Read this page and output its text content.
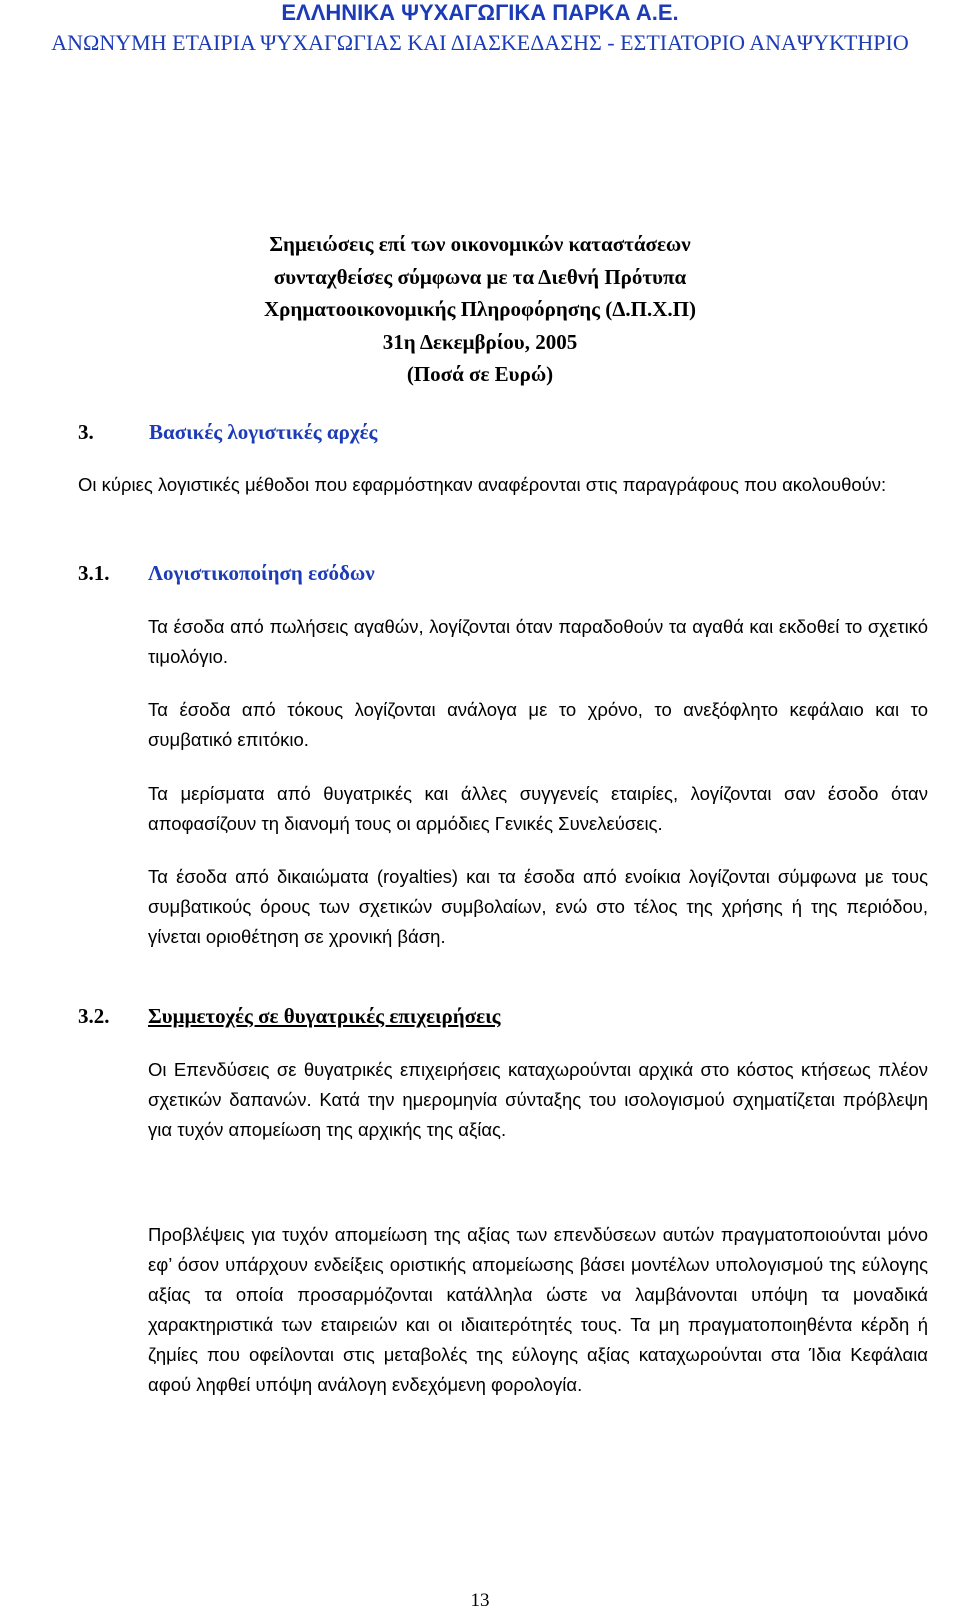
ΕΛΛΗΝΙΚΑ ΨΥΧΑΓΩΓΙΚΑ ΠΑΡΚΑ Α.Ε.
ΑΝΩΝΥΜΗ ΕΤΑΙΡΙΑ ΨΥΧΑΓΩΓΙΑΣ ΚΑΙ ΔΙΑΣΚΕΔΑΣΗΣ - ΕΣΤΙΑΤΟΡΙΟ ΑΝΑΨΥΚΤΗΡΙΟ
Σημειώσεις επί των οικονομικών καταστάσεων
συνταχθείσες σύμφωνα με τα Διεθνή Πρότυπα
Χρηματοοικονομικής Πληροφόρησης (Δ.Π.Χ.Π)
31η Δεκεμβρίου, 2005
(Ποσά σε Ευρώ)
3.	Βασικές λογιστικές αρχές

Οι κύριες λογιστικές μέθοδοι που εφαρμόστηκαν αναφέρονται στις παραγράφους που ακολουθούν:

3.1. Λογιστικοποίηση εσόδων

Τα έσοδα από πωλήσεις αγαθών, λογίζονται όταν παραδοθούν τα αγαθά και εκδοθεί το σχετικό τιμολόγιο.

Τα έσοδα από τόκους λογίζονται ανάλογα με το χρόνο, το ανεξόφλητο κεφάλαιο και το συμβατικό επιτόκιο.

Τα μερίσματα από θυγατρικές και άλλες συγγενείς εταιρίες, λογίζονται σαν έσοδο όταν αποφασίζουν τη διανομή τους οι αρμόδιες Γενικές Συνελεύσεις.

Τα έσοδα από δικαιώματα (royalties) και τα έσοδα από ενοίκια λογίζονται σύμφωνα με τους συμβατικούς όρους των σχετικών συμβολαίων, ενώ στο τέλος της χρήσης ή της περιόδου, γίνεται οριοθέτηση σε χρονική βάση.

3.2. Συμμετοχές σε θυγατρικές επιχειρήσεις

Οι Επενδύσεις σε θυγατρικές επιχειρήσεις καταχωρούνται αρχικά στο κόστος κτήσεως πλέον σχετικών δαπανών. Κατά την ημερομηνία σύνταξης του ισολογισμού σχηματίζεται πρόβλεψη για τυχόν απομείωση της αρχικής της αξίας.

Προβλέψεις για τυχόν απομείωση της αξίας των επενδύσεων αυτών πραγματοποιούνται μόνο εφ’ όσον υπάρχουν ενδείξεις οριστικής απομείωσης βάσει μοντέλων υπολογισμού της εύλογης αξίας τα οποία προσαρμόζονται κατάλληλα ώστε να λαμβάνονται υπόψη τα μοναδικά χαρακτηριστικά των εταιρειών και οι ιδιαιτερότητές τους. Τα μη πραγματοποιηθέντα κέρδη ή ζημίες που οφείλονται στις μεταβολές της εύλογης αξίας καταχωρούνται στα Ίδια Κεφάλαια αφού ληφθεί υπόψη ανάλογη ενδεχόμενη φορολογία.

13
